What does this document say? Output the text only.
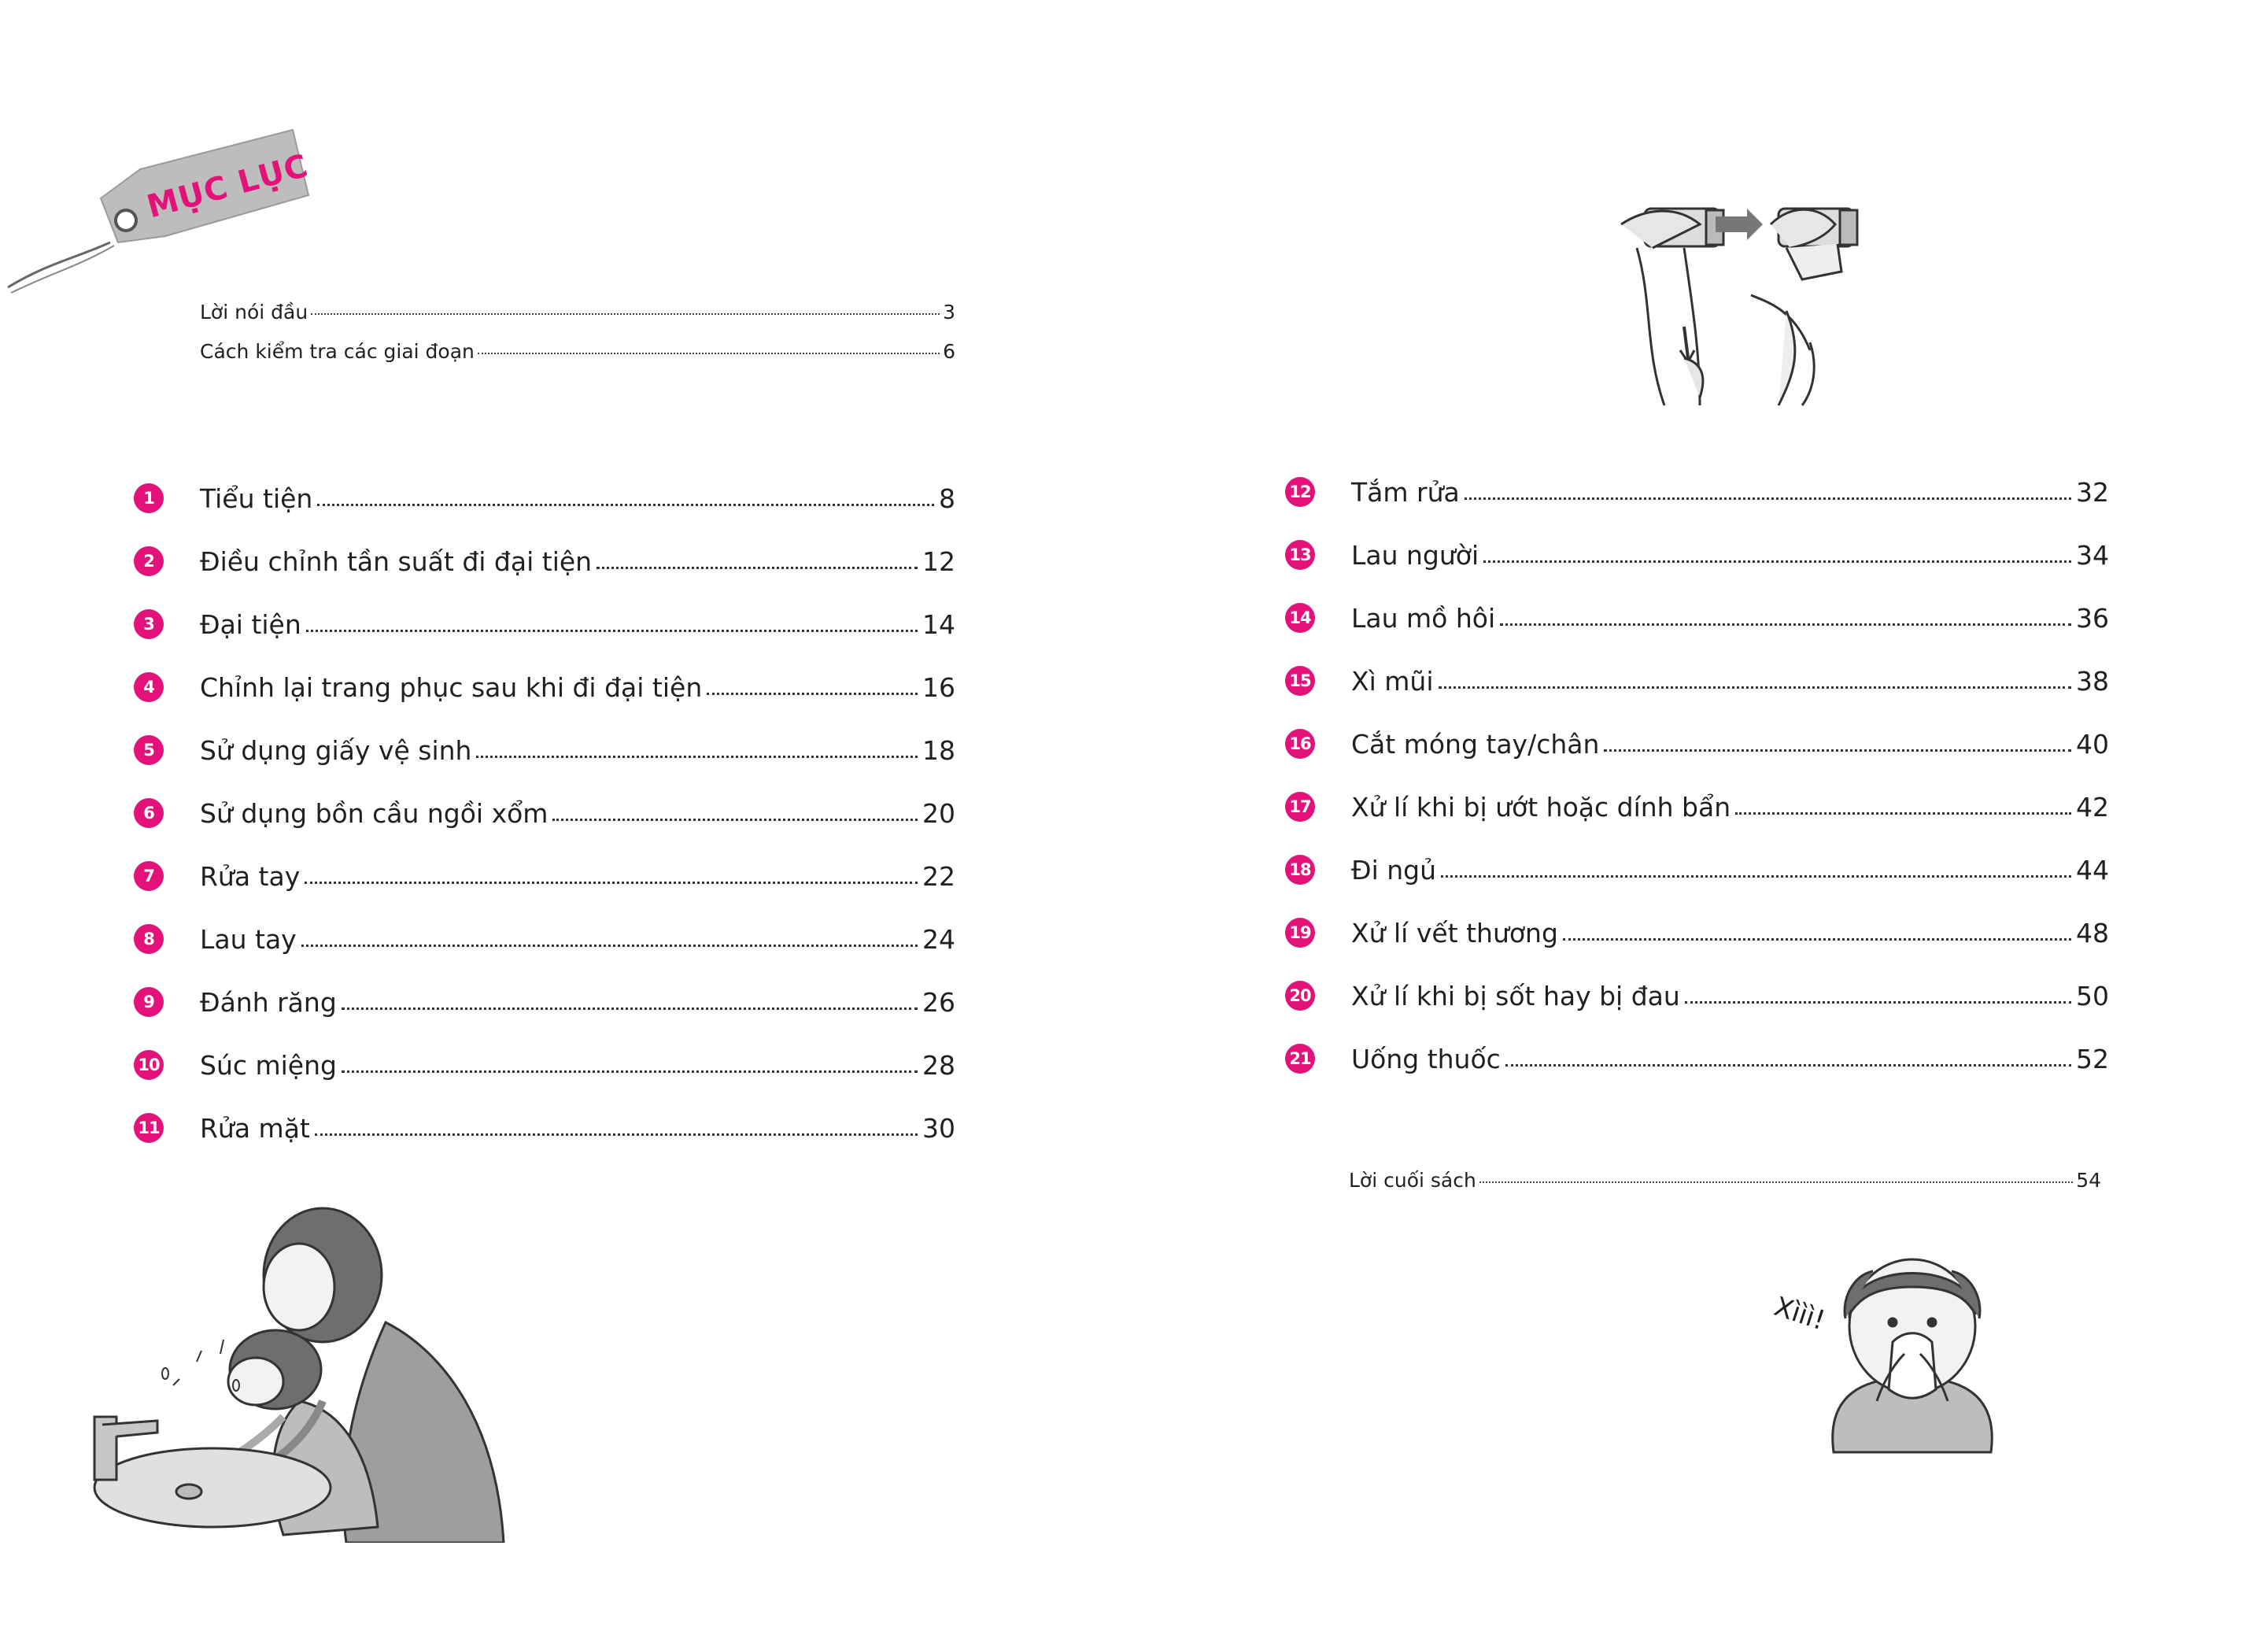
MỤC LỤC
Lời nói đầu	3
Cách kiểm tra các giai đoạn	6
1	Tiểu tiện	8
2	Điều chỉnh tần suất đi đại tiện	12
3	Đại tiện	14
4	Chỉnh lại trang phục sau khi đi đại tiện	16
5	Sử dụng giấy vệ sinh	18
6	Sử dụng bồn cầu ngồi xổm	20
7	Rửa tay	22
8	Lau tay	24
9	Đánh răng	26
10 Súc miệng	28
11 Rửa mặt	30
12 Tắm rửa	32
13 Lau người	34
14 Lau mồ hôi	36
15 Xì mũi	38
16 Cắt móng tay/chân	40
17 Xử lí khi bị ướt hoặc dính bẩn	42
18 Đi ngủ	44
19 Xử lí vết thương	48
20 Xử lí khi bị sốt hay bị đau	50
21 Uống thuốc	52
Lời cuối sách	54
Xììì!
